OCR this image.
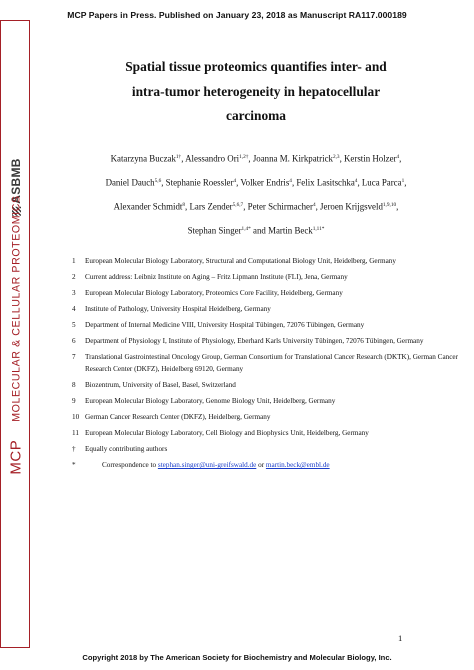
MCP Papers in Press. Published on January 23, 2018 as Manuscript RA117.000189
ASBMB
MCP
MOLECULAR & CELLULAR PROTEOMICS
Spatial tissue proteomics quantifies inter- and
intra-tumor heterogeneity in hepatocellular
carcinoma
Katarzyna Buczak$^{1\dagger}$, Alessandro Ori$^{1,2\dagger}$, Joanna M. Kirkpatrick$^{2,3}$, Kerstin Holzer$^4$,
Daniel Dauch$^{5,6}$, Stephanie Roessler$^4$, Volker Endris$^4$, Felix Lasitschka$^4$, Luca Parca$^1$,
Alexander Schmidt$^8$, Lars Zender$^{5,6,7}$, Peter Schirmacher$^4$, Jeroen Krijgsveld$^{1,9,10}$,
Stephan Singer$^{1,4*}$ and Martin Beck$^{1,11*}$
1	European Molecular Biology Laboratory, Structural and Computational Biology Unit, Heidelberg, Germany
2	Current address: Leibniz Institute on Aging – Fritz Lipmann Institute (FLI), Jena, Germany
3	European Molecular Biology Laboratory, Proteomics Core Facility, Heidelberg, Germany
4	Institute of Pathology, University Hospital Heidelberg, Germany
5	Department of Internal Medicine VIII, University Hospital Tübingen, 72076 Tübingen, Germany
6	Department of Physiology I, Institute of Physiology, Eberhard Karls University Tübingen, 72076 Tübingen, Germany
7	Translational Gastrointestinal Oncology Group, German Consortium for Translational Cancer Research (DKTK), German Cancer Research Center (DKFZ), Heidelberg 69120, Germany
8	Biozentrum, University of Basel, Basel, Switzerland
9	European Molecular Biology Laboratory, Genome Biology Unit, Heidelberg, Germany
10 German Cancer Research Center (DKFZ), Heidelberg, Germany
11 European Molecular Biology Laboratory, Cell Biology and Biophysics Unit, Heidelberg, Germany
†	Equally contributing authors
*	Correspondence to stephan.singer@uni-greifswald.de or martin.beck@embl.de
1
Copyright 2018 by The American Society for Biochemistry and Molecular Biology, Inc.
